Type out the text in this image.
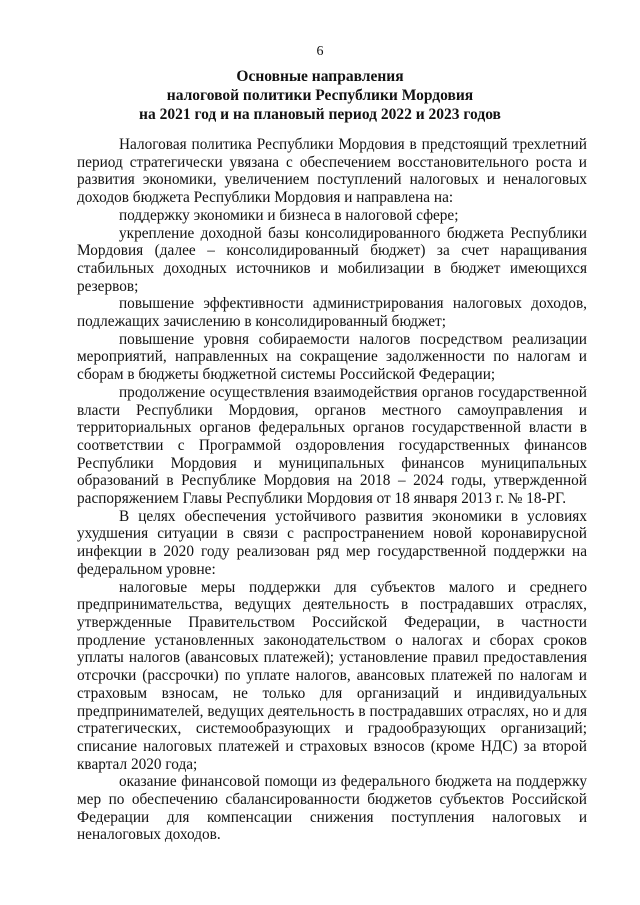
6
Основные направления
налоговой политики Республики Мордовия
на 2021 год и на плановый период 2022 и 2023 годов

Налоговая политика Республики Мордовия в предстоящий трехлетний период стратегически увязана с обеспечением восстановительного роста и развития экономики, увеличением поступлений налоговых и неналоговых доходов бюджета Республики Мордовия и направлена на:

поддержку экономики и бизнеса в налоговой сфере;

укрепление доходной базы консолидированного бюджета Республики Мордовия (далее – консолидированный бюджет) за счет наращивания стабильных доходных источников и мобилизации в бюджет имеющихся резервов;

повышение эффективности администрирования налоговых доходов, подлежащих зачислению в консолидированный бюджет;

повышение уровня собираемости налогов посредством реализации мероприятий, направленных на сокращение задолженности по налогам и сборам в бюджеты бюджетной системы Российской Федерации;

продолжение осуществления взаимодействия органов государственной власти Республики Мордовия, органов местного самоуправления и территориальных органов федеральных органов государственной власти в соответствии с Программой оздоровления государственных финансов Республики Мордовия и муниципальных финансов муниципальных образований в Республике Мордовия на 2018 – 2024 годы, утвержденной распоряжением Главы Республики Мордовия от 18 января 2013 г. № 18-РГ.

В целях обеспечения устойчивого развития экономики в условиях ухудшения ситуации в связи с распространением новой коронавирусной инфекции в 2020 году реализован ряд мер государственной поддержки на федеральном уровне:

налоговые меры поддержки для субъектов малого и среднего предпринимательства, ведущих деятельность в пострадавших отраслях, утвержденные Правительством Российской Федерации, в частности продление установленных законодательством о налогах и сборах сроков уплаты налогов (авансовых платежей); установление правил предоставления отсрочки (рассрочки) по уплате налогов, авансовых платежей по налогам и страховым взносам, не только для организаций и индивидуальных предпринимателей, ведущих деятельность в пострадавших отраслях, но и для стратегических, системообразующих и градообразующих организаций; списание налоговых платежей и страховых взносов (кроме НДС) за второй квартал 2020 года;

оказание финансовой помощи из федерального бюджета на поддержку мер по обеспечению сбалансированности бюджетов субъектов Российской Федерации для компенсации снижения поступления налоговых и неналоговых доходов.
